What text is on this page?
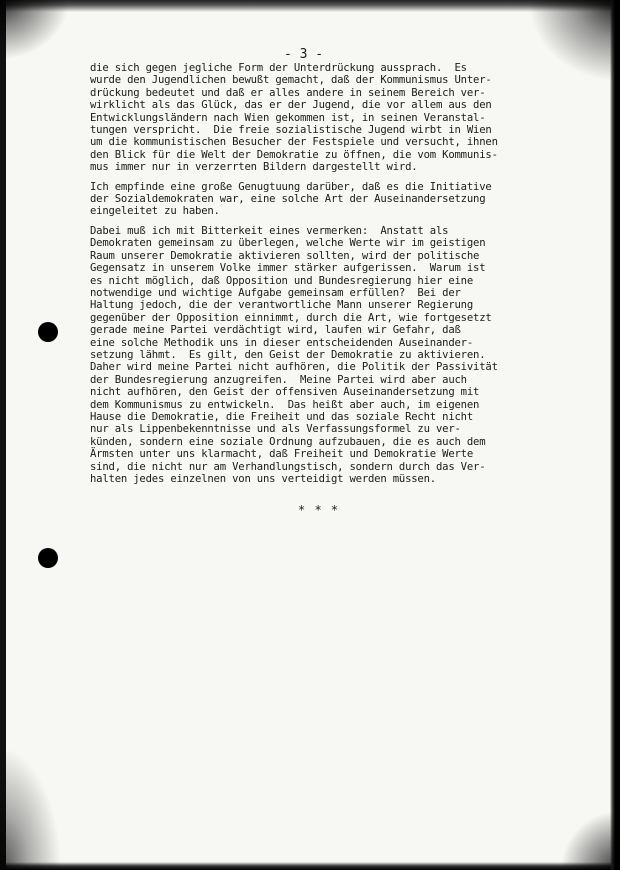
- 3 -
die sich gegen jegliche Form der Unterdrückung aussprach.  Es
wurde den Jugendlichen bewußt gemacht, daß der Kommunismus Unter-
drückung bedeutet und daß er alles andere in seinem Bereich ver-
wirklicht als das Glück, das er der Jugend, die vor allem aus den
Entwicklungsländern nach Wien gekommen ist, in seinen Veranstal-
tungen verspricht.  Die freie sozialistische Jugend wirbt in Wien
um die kommunistischen Besucher der Festspiele und versucht, ihnen
den Blick für die Welt der Demokratie zu öffnen, die vom Kommunis-
mus immer nur in verzerrten Bildern dargestellt wird.
Ich empfinde eine große Genugtuung darüber, daß es die Initiative
der Sozialdemokraten war, eine solche Art der Auseinandersetzung
eingeleitet zu haben.
Dabei muß ich mit Bitterkeit eines vermerken:  Anstatt als
Demokraten gemeinsam zu überlegen, welche Werte wir im geistigen
Raum unserer Demokratie aktivieren sollten, wird der politische
Gegensatz in unserem Volke immer stärker aufgerissen.  Warum ist
es nicht möglich, daß Opposition und Bundesregierung hier eine
notwendige und wichtige Aufgabe gemeinsam erfüllen?  Bei der
Haltung jedoch, die der verantwortliche Mann unserer Regierung
gegenüber der Opposition einnimmt, durch die Art, wie fortgesetzt
gerade meine Partei verdächtigt wird, laufen wir Gefahr, daß
eine solche Methodik uns in dieser entscheidenden Auseinander-
setzung lähmt.  Es gilt, den Geist der Demokratie zu aktivieren.
Daher wird meine Partei nicht aufhören, die Politik der Passivität
der Bundesregierung anzugreifen.  Meine Partei wird aber auch
nicht aufhören, den Geist der offensiven Auseinandersetzung mit
dem Kommunismus zu entwickeln.  Das heißt aber auch, im eigenen
Hause die Demokratie, die Freiheit und das soziale Recht nicht
nur als Lippenbekenntnisse und als Verfassungsformel zu ver-
künden, sondern eine soziale Ordnung aufzubauen, die es auch dem
Ärmsten unter uns klarmacht, daß Freiheit und Demokratie Werte
sind, die nicht nur am Verhandlungstisch, sondern durch das Ver-
halten jedes einzelnen von uns verteidigt werden müssen.
* * *
